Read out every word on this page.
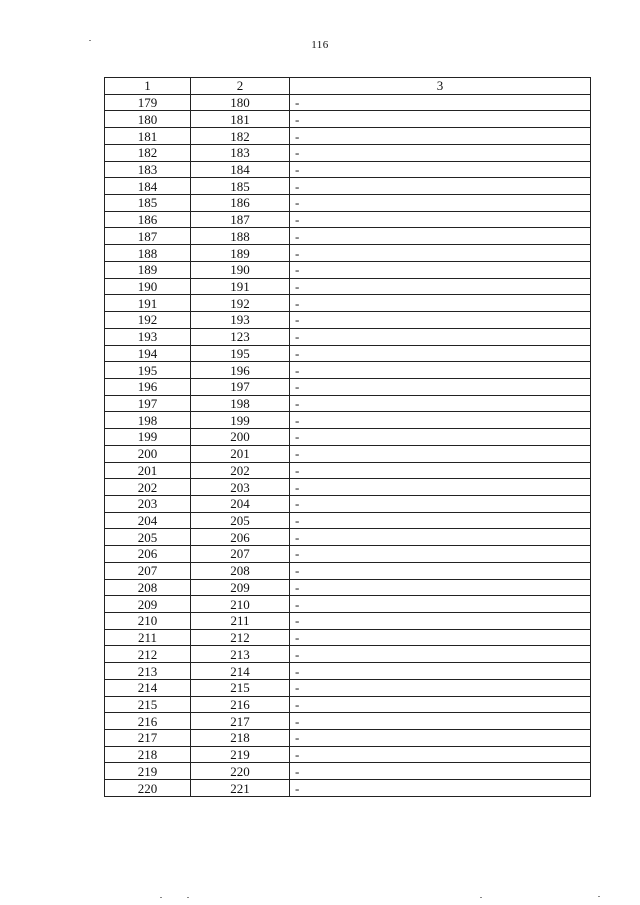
116
1	2	3
179	180	-
180	181	-
181	182	-
182	183	-
183	184	-
184	185	-
185	186	-
186	187	-
187	188	-
188	189	-
189	190	-
190	191	-
191	192	-
192	193	-
193	123	-
194	195	-
195	196	-
196	197	-
197	198	-
198	199	-
199	200	-
200	201	-
201	202	-
202	203	-
203	204	-
204	205	-
205	206	-
206	207	-
207	208	-
208	209	-
209	210	-
210	211	-
211	212	-
212	213	-
213	214	-
214	215	-
215	216	-
216	217	-
217	218	-
218	219	-
219	220	-
220	221	-
